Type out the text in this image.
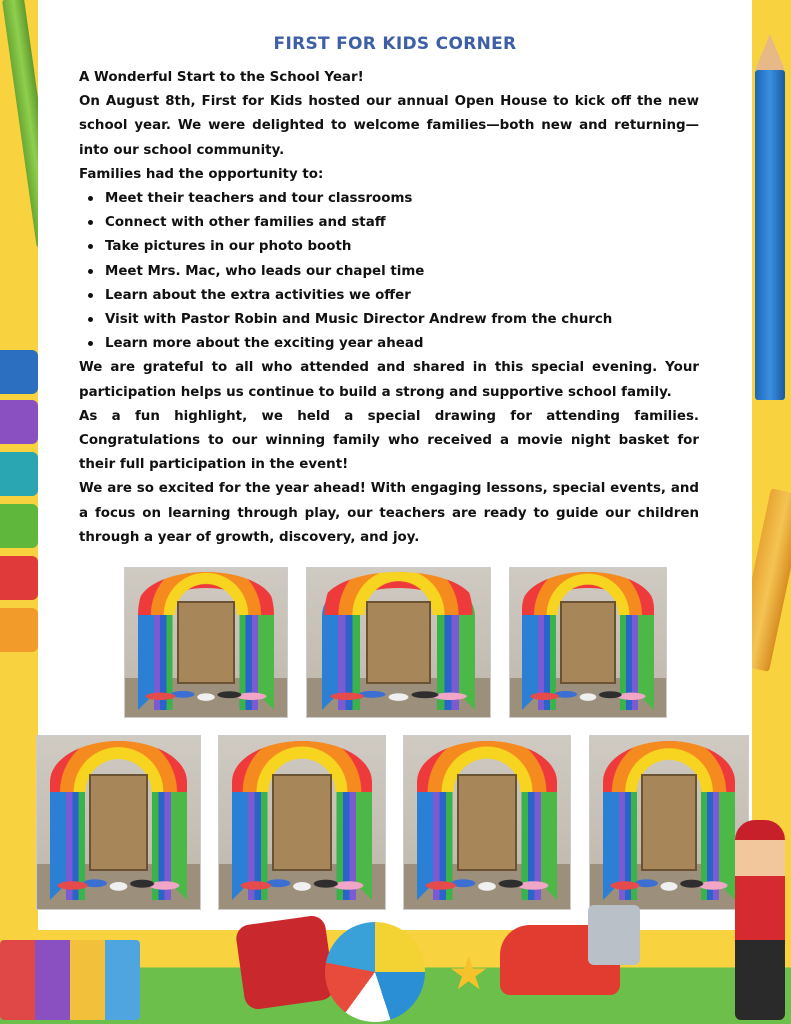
FIRST FOR KIDS CORNER

A Wonderful Start to the School Year!

On August 8th, First for Kids hosted our annual Open House to kick off the new school year. We were delighted to welcome families—both new and returning—into our school community.

Families had the opportunity to:

Meet their teachers and tour classrooms
Connect with other families and staff
Take pictures in our photo booth
Meet Mrs. Mac, who leads our chapel time
Learn about the extra activities we offer
Visit with Pastor Robin and Music Director Andrew from the church
Learn more about the exciting year ahead

We are grateful to all who attended and shared in this special evening. Your participation helps us continue to build a strong and supportive school family.

As a fun highlight, we held a special drawing for attending families. Congratulations to our winning family who received a movie night basket for their full participation in the event!

We are so excited for the year ahead! With engaging lessons, special events, and a focus on learning through play, our teachers are ready to guide our children through a year of growth, discovery, and joy.

★
